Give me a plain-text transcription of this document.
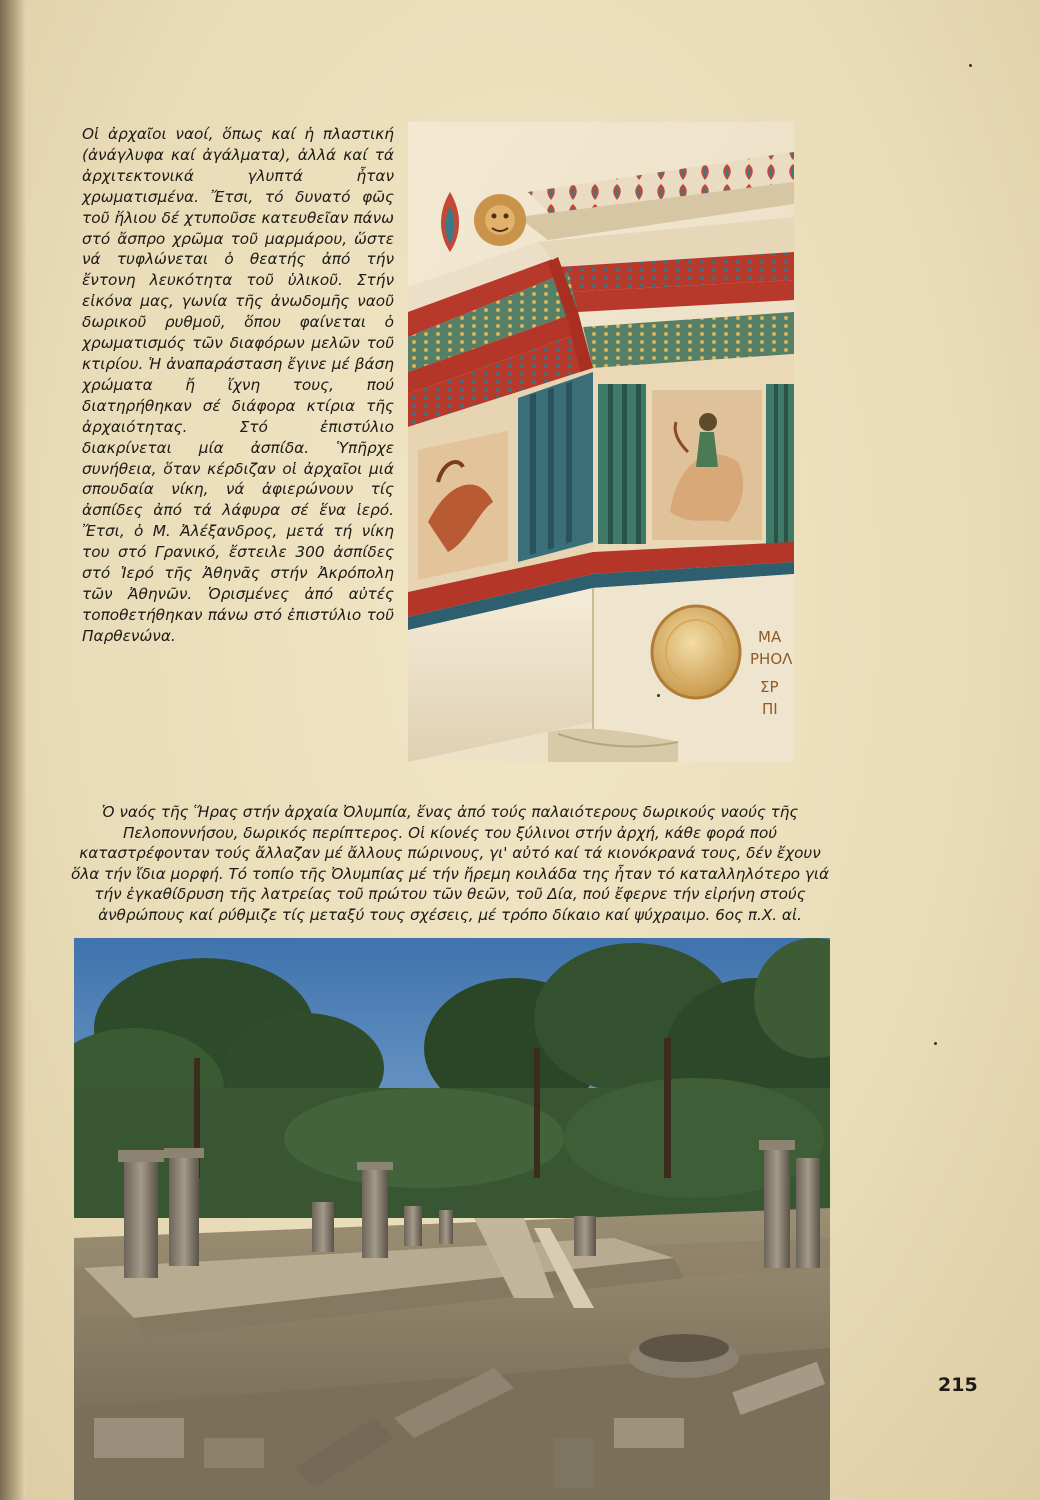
Οἱ ἀρχαῖοι ναοί, ὅπως καί ἡ πλαστική (ἀνάγλυφα καί ἀγάλματα), ἀλλά καί τά ἀρχιτεκτονικά γλυπτά ἦταν χρωματισμένα. Ἔτσι, τό δυνατό φῶς τοῦ ἥλιου δέ χτυποῦσε κατευθεῖαν πάνω στό ἄσπρο χρῶμα τοῦ μαρμάρου, ὥστε νά τυφλώνεται ὁ θεατής ἀπό τήν ἔντονη λευκότητα τοῦ ὑλικοῦ. Στήν εἰκόνα μας, γωνία τῆς ἀνωδομῆς ναοῦ δωρικοῦ ρυθμοῦ, ὅπου φαίνεται ὁ χρωματισμός τῶν διαφόρων μελῶν τοῦ κτιρίου. Ἡ ἀναπαράσταση ἔγινε μέ βάση χρώματα ἤ ἴχνη τους, πού διατηρήθηκαν σέ διάφορα κτίρια τῆς ἀρχαιότητας. Στό ἐπιστύλιο διακρίνεται μία ἀσπίδα. Ὑπῆρχε συνήθεια, ὅταν κέρδιζαν οἱ ἀρχαῖοι μιά σπουδαία νίκη, νά ἀφιερώνουν τίς ἀσπίδες ἀπό τά λάφυρα σέ ἕνα ἱερό. Ἔτσι, ὁ Μ. Ἀλέξανδρος, μετά τή νίκη του στό Γρανικό, ἔστειλε 300 ἀσπίδες στό Ἱερό τῆς Ἀθηνᾶς στήν Ἀκρόπολη τῶν Ἀθηνῶν. Ὁρισμένες ἀπό αὐτές τοποθετήθηκαν πάνω στό ἐπιστύλιο τοῦ Παρθενώνα.	ΜΑ
ΡΗΟΛ
ΣΡ
ΠΙ
Ὁ ναός τῆς Ἥρας στήν ἀρχαία Ὀλυμπία, ἕνας ἀπό τούς παλαιότερους δωρικούς ναούς τῆς Πελοποννήσου, δωρικός περίπτερος. Οἱ κίονές του ξύλινοι στήν ἀρχή, κάθε φορά πού καταστρέφονταν τούς ἄλλαζαν μέ ἄλλους πώρινους, γι' αὐτό καί τά κιονόκρανά τους, δέν ἔχουν ὅλα τήν ἴδια μορφή. Τό τοπίο τῆς Ὀλυμπίας μέ τήν ἤρεμη κοιλάδα της ἦταν τό καταλληλότερο γιά τήν ἐγκαθίδρυση τῆς λατρείας τοῦ πρώτου τῶν θεῶν, τοῦ Δία, πού ἔφερνε τήν εἰρήνη στούς ἀνθρώπους καί ρύθμιζε τίς μεταξύ τους σχέσεις, μέ τρόπο δίκαιο καί ψύχραιμο. 6ος π.Χ. αἰ.
215
